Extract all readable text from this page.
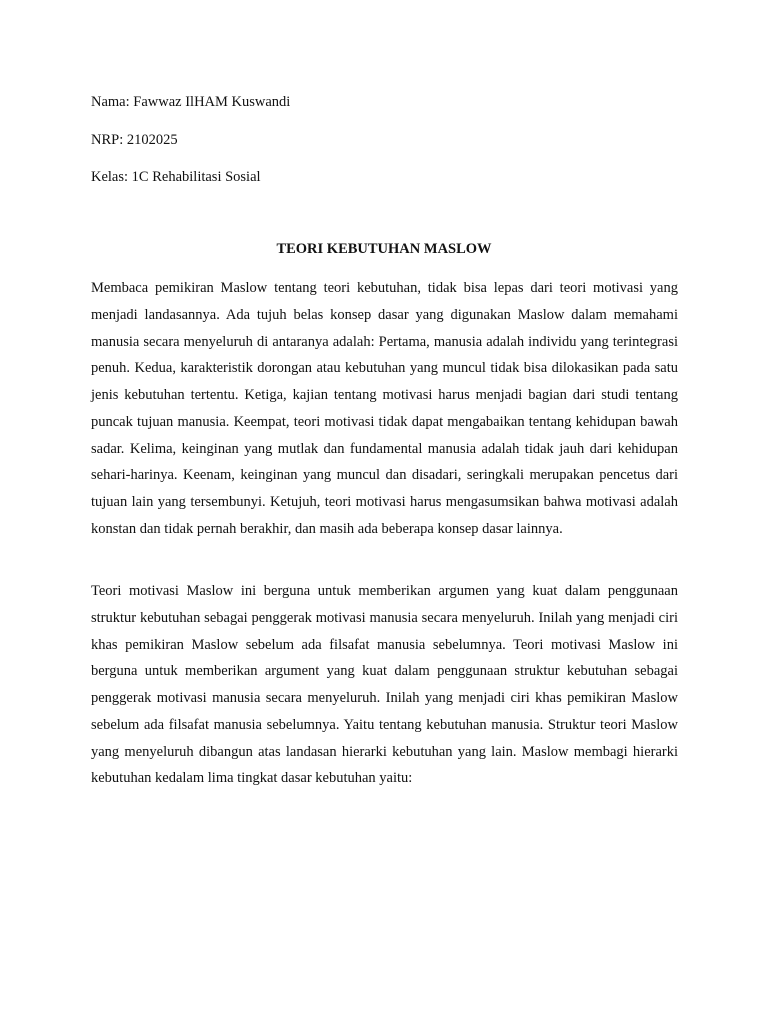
Nama: Fawwaz IlHAM Kuswandi
NRP: 2102025
Kelas: 1C Rehabilitasi Sosial
TEORI KEBUTUHAN MASLOW

Membaca pemikiran Maslow tentang teori kebutuhan, tidak bisa lepas dari teori motivasi yang menjadi landasannya. Ada tujuh belas konsep dasar yang digunakan Maslow dalam memahami manusia secara menyeluruh di antaranya adalah: Pertama, manusia adalah individu yang terintegrasi penuh. Kedua, karakteristik dorongan atau kebutuhan yang muncul tidak bisa dilokasikan pada satu jenis kebutuhan tertentu. Ketiga, kajian tentang motivasi harus menjadi bagian dari studi tentang puncak tujuan manusia. Keempat, teori motivasi tidak dapat mengabaikan tentang kehidupan bawah sadar. Kelima, keinginan yang mutlak dan fundamental manusia adalah tidak jauh dari kehidupan sehari-harinya. Keenam, keinginan yang muncul dan disadari, seringkali merupakan pencetus dari tujuan lain yang tersembunyi. Ketujuh, teori motivasi harus mengasumsikan bahwa motivasi adalah konstan dan tidak pernah berakhir, dan masih ada beberapa konsep dasar lainnya.

Teori motivasi Maslow ini berguna untuk memberikan argumen yang kuat dalam penggunaan struktur kebutuhan sebagai penggerak motivasi manusia secara menyeluruh. Inilah yang menjadi ciri khas pemikiran Maslow sebelum ada filsafat manusia sebelumnya. Teori motivasi Maslow ini berguna untuk memberikan argument yang kuat dalam penggunaan struktur kebutuhan sebagai penggerak motivasi manusia secara menyeluruh. Inilah yang menjadi ciri khas pemikiran Maslow sebelum ada filsafat manusia sebelumnya. Yaitu tentang kebutuhan manusia. Struktur teori Maslow yang menyeluruh dibangun atas landasan hierarki kebutuhan yang lain. Maslow membagi hierarki kebutuhan kedalam lima tingkat dasar kebutuhan yaitu:
